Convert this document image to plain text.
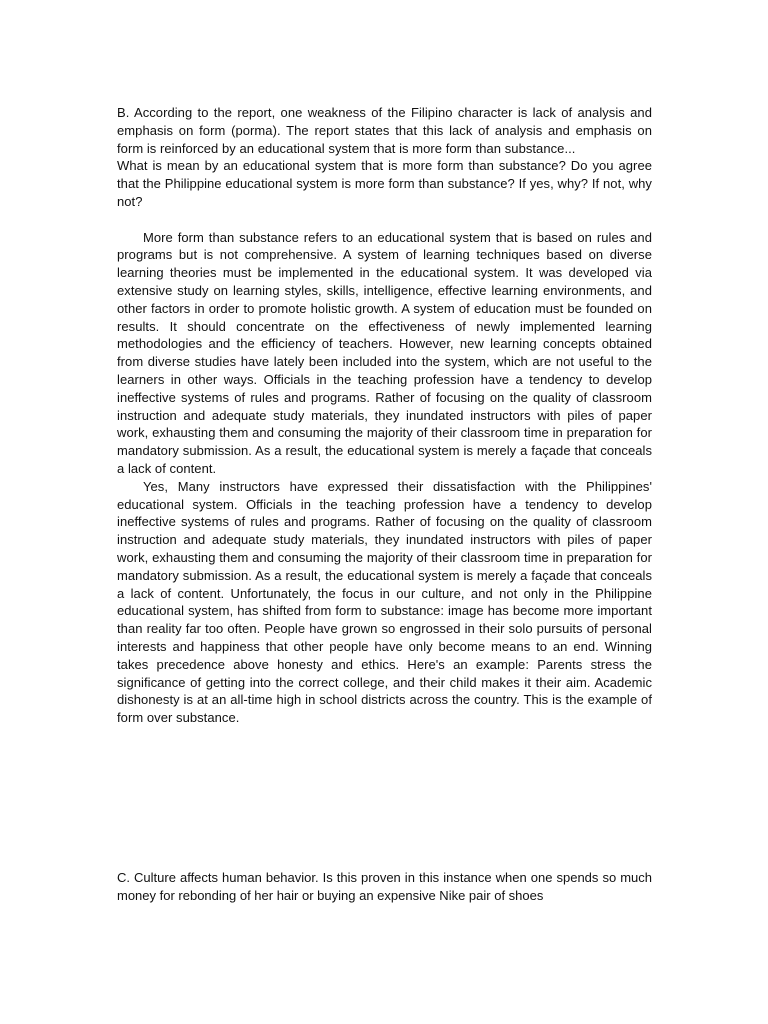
B. According to the report, one weakness of the Filipino character is lack of analysis and emphasis on form (porma). The report states that this lack of analysis and emphasis on form is reinforced by an educational system that is more form than substance...

What is mean by an educational system that is more form than substance? Do you agree that the Philippine educational system is more form than substance? If yes, why? If not, why not?

More form than substance refers to an educational system that is based on rules and programs but is not comprehensive. A system of learning techniques based on diverse learning theories must be implemented in the educational system. It was developed via extensive study on learning styles, skills, intelligence, effective learning environments, and other factors in order to promote holistic growth. A system of education must be founded on results. It should concentrate on the effectiveness of newly implemented learning methodologies and the efficiency of teachers. However, new learning concepts obtained from diverse studies have lately been included into the system, which are not useful to the learners in other ways. Officials in the teaching profession have a tendency to develop ineffective systems of rules and programs. Rather of focusing on the quality of classroom instruction and adequate study materials, they inundated instructors with piles of paper work, exhausting them and consuming the majority of their classroom time in preparation for mandatory submission. As a result, the educational system is merely a façade that conceals a lack of content.

Yes, Many instructors have expressed their dissatisfaction with the Philippines' educational system. Officials in the teaching profession have a tendency to develop ineffective systems of rules and programs. Rather of focusing on the quality of classroom instruction and adequate study materials, they inundated instructors with piles of paper work, exhausting them and consuming the majority of their classroom time in preparation for mandatory submission. As a result, the educational system is merely a façade that conceals a lack of content. Unfortunately, the focus in our culture, and not only in the Philippine educational system, has shifted from form to substance: image has become more important than reality far too often. People have grown so engrossed in their solo pursuits of personal interests and happiness that other people have only become means to an end. Winning takes precedence above honesty and ethics. Here's an example: Parents stress the significance of getting into the correct college, and their child makes it their aim. Academic dishonesty is at an all-time high in school districts across the country. This is the example of form over substance.

C. Culture affects human behavior. Is this proven in this instance when one spends so much money for rebonding of her hair or buying an expensive Nike pair of shoes
